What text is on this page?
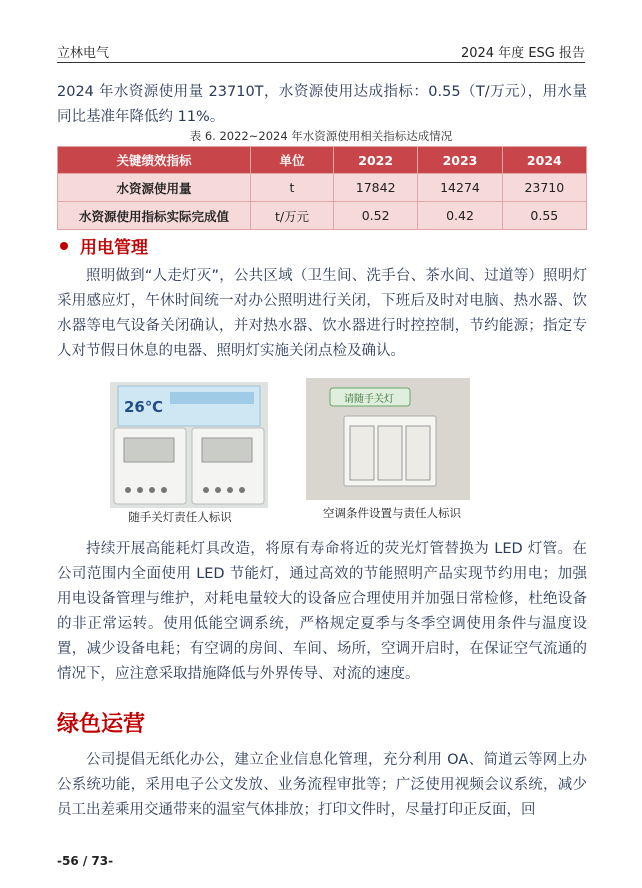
立林电气	2024 年度 ESG 报告
2024 年水资源使用量 23710T，水资源使用达成指标：0.55（T/万元），用水量同比基准年降低约 11%。
表 6. 2022~2024 年水资源使用相关指标达成情况
关键绩效指标	单位	2022	2023	2024
水资源使用量	t	17842	14274	23710
水资源使用指标实际完成值	t/万元	0.52	0.42	0.55
用电管理
照明做到“人走灯灭”，公共区域（卫生间、洗手台、茶水间、过道等）照明灯采用感应灯，午休时间统一对办公照明进行关闭，下班后及时对电脑、热水器、饮水器等电气设备关闭确认，并对热水器、饮水器进行时控控制，节约能源；指定专人对节假日休息的电器、照明灯实施关闭点检及确认。
26℃
随手关灯责任人标识
请随手关灯
空调条件设置与责任人标识
持续开展高能耗灯具改造，将原有寿命将近的荧光灯管替换为 LED 灯管。在公司范围内全面使用 LED 节能灯，通过高效的节能照明产品实现节约用电；加强用电设备管理与维护，对耗电量较大的设备应合理使用并加强日常检修，杜绝设备的非正常运转。使用低能空调系统，严格规定夏季与冬季空调使用条件与温度设置，减少设备电耗；有空调的房间、车间、场所，空调开启时，在保证空气流通的情况下，应注意采取措施降低与外界传导、对流的速度。
绿色运营
公司提倡无纸化办公，建立企业信息化管理，充分利用 OA、简道云等网上办公系统功能，采用电子公文发放、业务流程审批等；广泛使用视频会议系统，减少员工出差乘用交通带来的温室气体排放；打印文件时，尽量打印正反面，回
-56 / 73-
